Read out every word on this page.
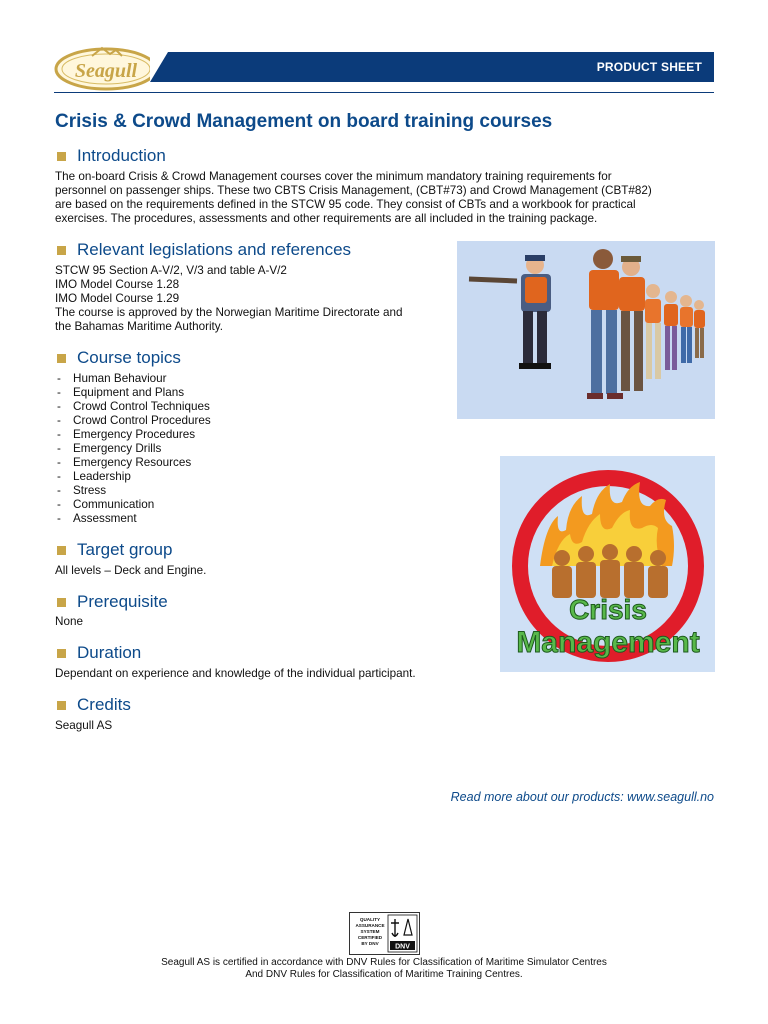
Seagull	PRODUCT SHEET
Crisis & Crowd Management on board training courses
Introduction
The on-board Crisis & Crowd Management courses cover the minimum mandatory training requirements for
personnel on passenger ships. These two CBTS Crisis Management, (CBT#73) and Crowd Management (CBT#82)
are based on the requirements defined in the STCW 95 code. They consist of CBTs and a workbook for practical
exercises. The procedures, assessments and other requirements are all included in the training package.
Relevant legislations and references
STCW 95 Section A-V/2, V/3 and table A-V/2
IMO Model Course 1.28
IMO Model Course 1.29
The course is approved by the Norwegian Maritime Directorate and
the Bahamas Maritime Authority.
Course topics
- Human Behaviour
- Equipment and Plans
- Crowd Control Techniques
- Crowd Control Procedures
- Emergency Procedures
- Emergency Drills
- Emergency Resources
- Leadership
- Stress
- Communication
- Assessment
Crisis
Management
Target group
All levels – Deck and Engine.
Prerequisite
None
Duration
Dependant on experience and knowledge of the individual participant.
Credits
Seagull AS
Read more about our products: www.seagull.no
QUALITY
ASSURANCE
SYSTEM
CERTIFIED
BY DNV DNV
Seagull AS is certified in accordance with DNV Rules for Classification of Maritime Simulator Centres
And DNV Rules for Classification of Maritime Training Centres.
